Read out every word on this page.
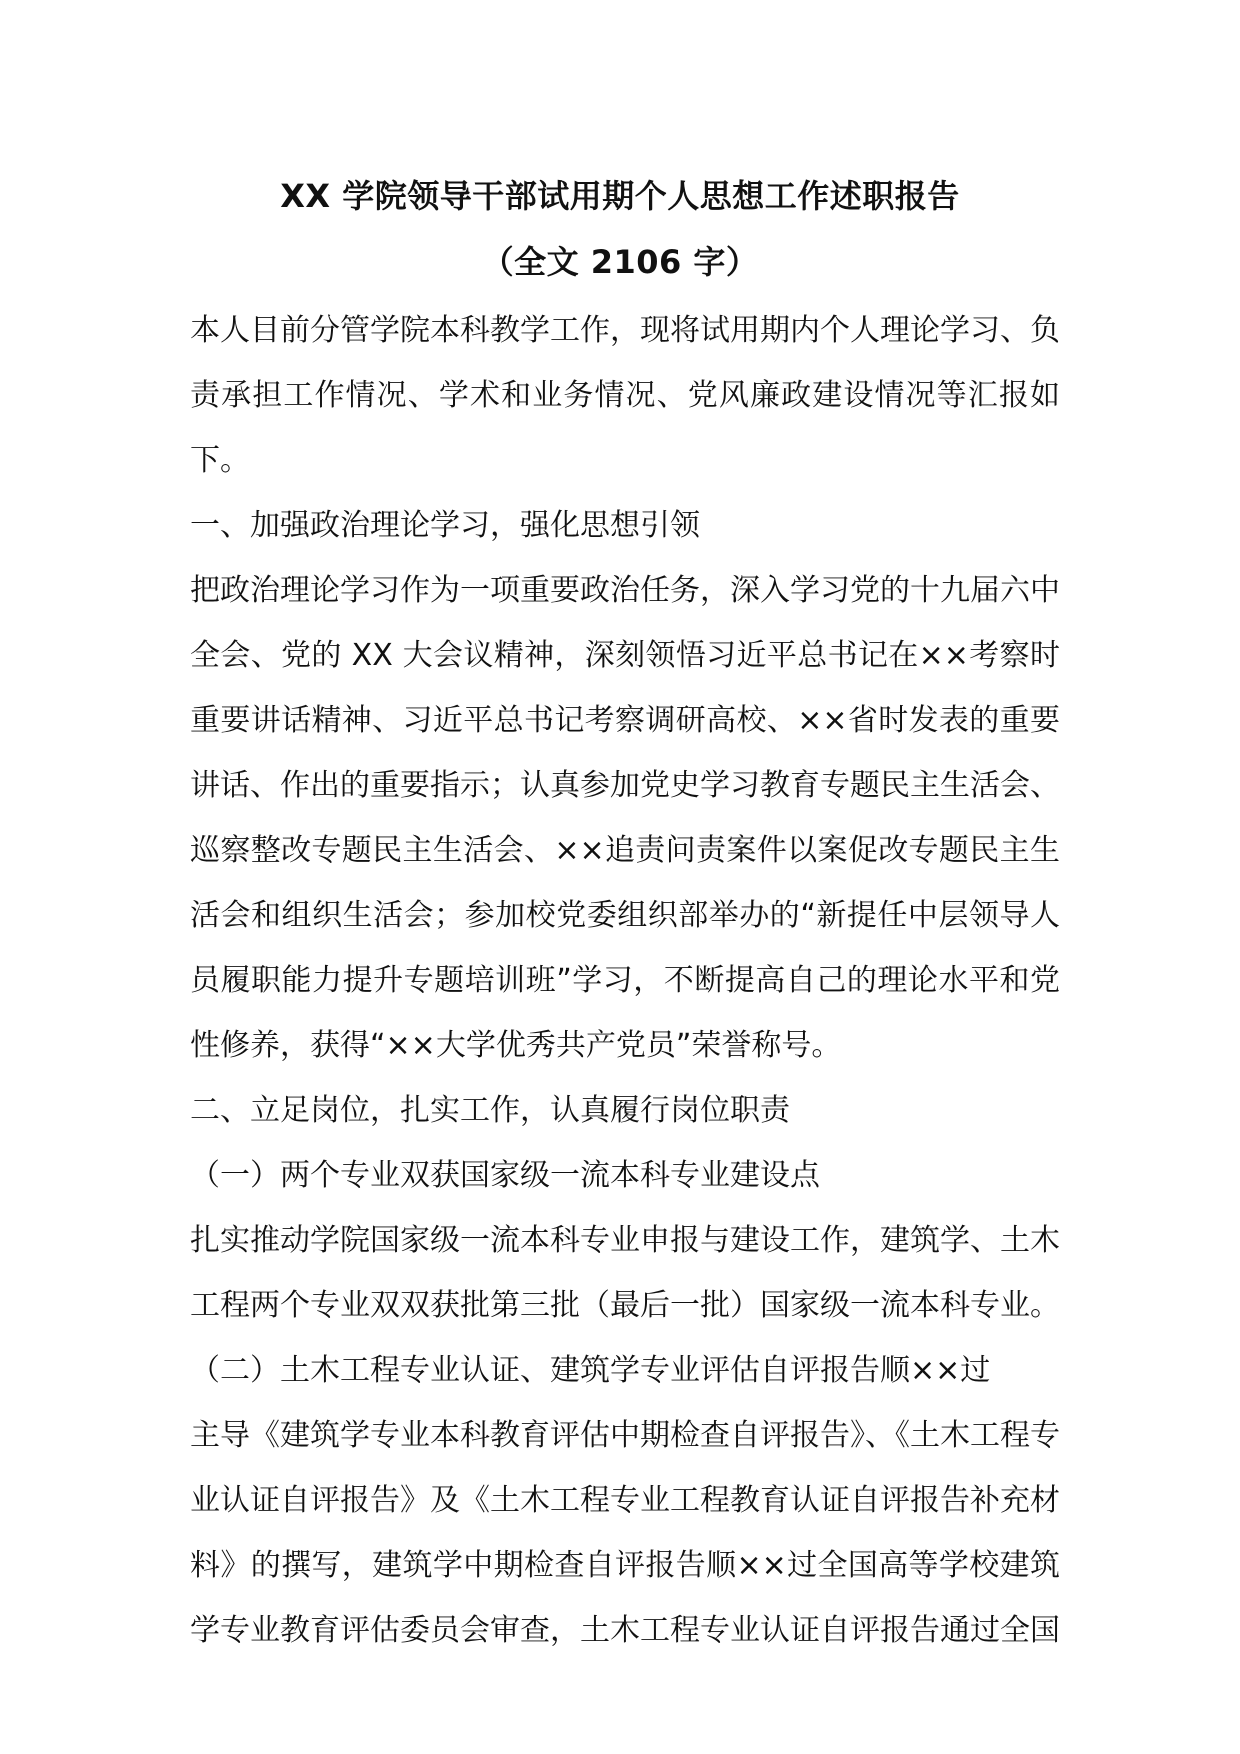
XX 学院领导干部试用期个人思想工作述职报告
（全文 2106 字）

本人目前分管学院本科教学工作，现将试用期内个人理论学习、负责承担工作情况、学术和业务情况、党风廉政建设情况等汇报如下。

一、加强政治理论学习，强化思想引领

把政治理论学习作为一项重要政治任务，深入学习党的十九届六中全会、党的 XX 大会议精神，深刻领悟习近平总书记在××考察时重要讲话精神、习近平总书记考察调研高校、××省时发表的重要讲话、作出的重要指示；认真参加党史学习教育专题民主生活会、巡察整改专题民主生活会、××追责问责案件以案促改专题民主生活会和组织生活会；参加校党委组织部举办的“新提任中层领导人员履职能力提升专题培训班”学习，不断提高自己的理论水平和党性修养，获得“××大学优秀共产党员”荣誉称号。

二、立足岗位，扎实工作，认真履行岗位职责

（一）两个专业双获国家级一流本科专业建设点

扎实推动学院国家级一流本科专业申报与建设工作，建筑学、土木工程两个专业双双获批第三批（最后一批）国家级一流本科专业。

（二）土木工程专业认证、建筑学专业评估自评报告顺××过

主导《建筑学专业本科教育评估中期检查自评报告》、《土木工程专业认证自评报告》及《土木工程专业工程教育认证自评报告补充材料》的撰写，建筑学中期检查自评报告顺××过全国高等学校建筑学专业教育评估委员会审查，土木工程专业认证自评报告通过全国
